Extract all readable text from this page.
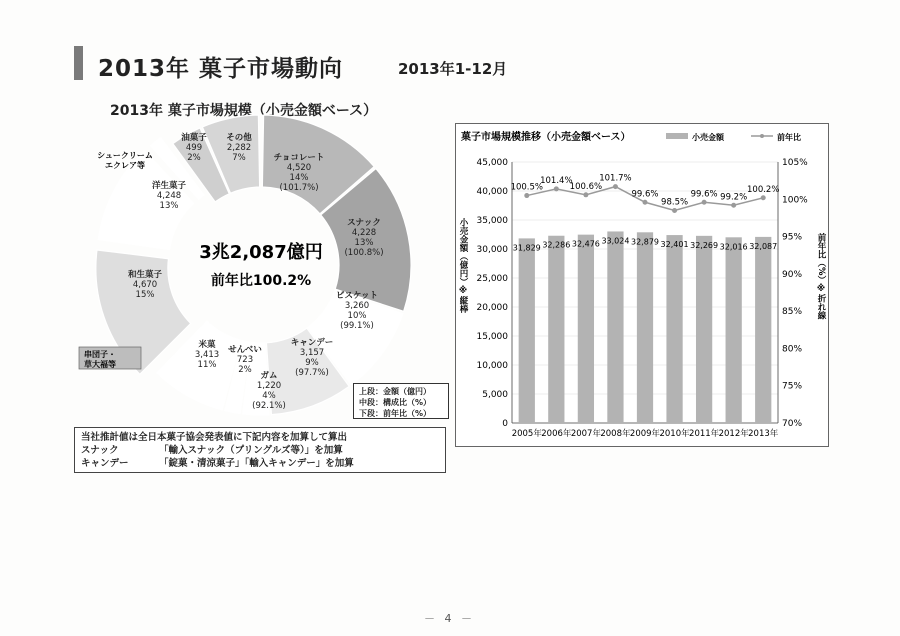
2013年 菓子市場動向	2013年1-12月
2013年 菓子市場規模（小売金額ベース）
チョコレート
4,520
14%
(101.7%)
スナック
4,228
13%
(100.8%)
ビスケット
3,260
10%
(99.1%)
キャンデー
3,157
9%
(97.7%)
ガム
1,220
4%
(92.1%)
せんべい
723
2%
米菓
3,413
11%
和生菓子
4,670
15%
洋生菓子
4,248
13%
油菓子
499
2%
その他
2,282
7%
3兆2,087億円
前年比100.2%
串団子・
草大福等
シュークリーム
エクレア等
上段：金額（億円）
中段：構成比（%）
下段：前年比（%）
当社推計値は全日本菓子協会発表値に下記内容を加算して算出
スナック	「輸入スナック（プリングルズ等）」を加算
キャンデー	「錠菓・清涼菓子」「輸入キャンデー」を加算
菓子市場規模推移（小売金額ベース）	小売金額	前年比
0
5,000
10,000
15,000
20,000
25,000
30,000
35,000
40,000
45,000
70%
75%
80%
85%
90%
95%
100%
105%
31,829
2005年
32,286
2006年
32,476
2007年
33,024
2008年
32,879
2009年
32,401
2010年
32,269
2011年
32,016
2012年
32,087
2013年
100.5%
101.4%
100.6%
101.7%
99.6%
98.5%
99.6% 99.2%
100.2%
小売金額（億円）※縦棒	前年比（%）※折れ線
－ 4 －
